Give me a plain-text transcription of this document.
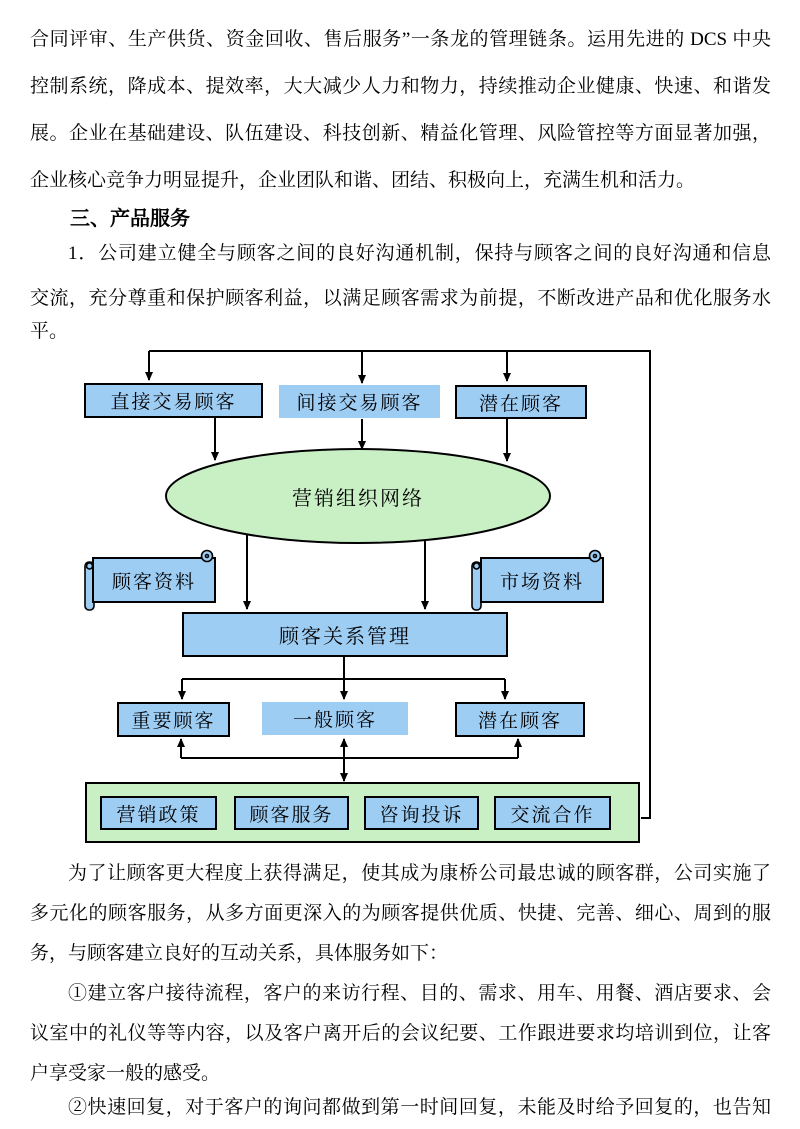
合同评审、生产供货、资金回收、售后服务”一条龙的管理链条。运用先进的 DCS 中央
控制系统，降成本、提效率，大大减少人力和物力，持续推动企业健康、快速、和谐发
展。企业在基础建设、队伍建设、科技创新、精益化管理、风险管控等方面显著加强，
企业核心竞争力明显提升，企业团队和谐、团结、积极向上，充满生机和活力。
三、产品服务
1．公司建立健全与顾客之间的良好沟通机制，保持与顾客之间的良好沟通和信息
交流，充分尊重和保护顾客利益，以满足顾客需求为前提，不断改进产品和优化服务水
平。
直接交易顾客	间接交易顾客	潜在顾客
营销组织网络
顾客资料	市场资料
顾客关系管理
重要顾客	一般顾客	潜在顾客
营销政策	顾客服务	咨询投诉	交流合作
为了让顾客更大程度上获得满足，使其成为康桥公司最忠诚的顾客群，公司实施了
多元化的顾客服务，从多方面更深入的为顾客提供优质、快捷、完善、细心、周到的服
务，与顾客建立良好的互动关系，具体服务如下：
①建立客户接待流程，客户的来访行程、目的、需求、用车、用餐、酒店要求、会
议室中的礼仪等等内容，以及客户离开后的会议纪要、工作跟进要求均培训到位，让客
户享受家一般的感受。
②快速回复，对于客户的询问都做到第一时间回复，未能及时给予回复的，也告知
